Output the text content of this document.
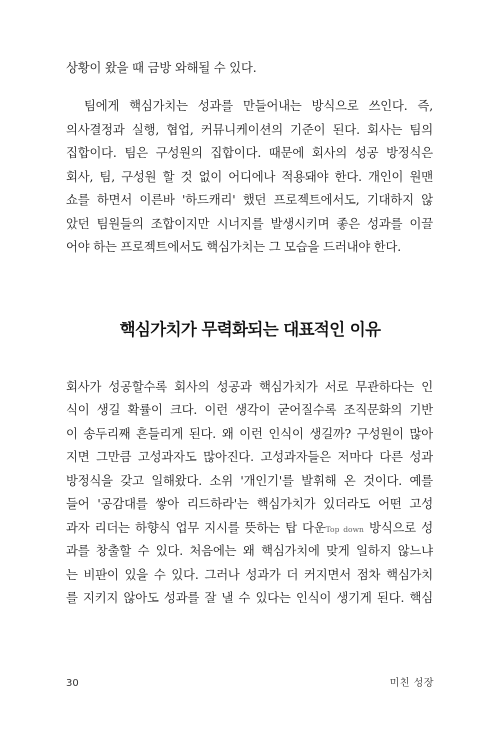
상황이 왔을 때 금방 와해될 수 있다.
팀에게 핵심가치는 성과를 만들어내는 방식으로 쓰인다. 즉,
의사결정과 실행, 협업, 커뮤니케이션의 기준이 된다. 회사는 팀의
집합이다. 팀은 구성원의 집합이다. 때문에 회사의 성공 방정식은
회사, 팀, 구성원 할 것 없이 어디에나 적용돼야 한다. 개인이 원맨
쇼를 하면서 이른바 '하드캐리' 했던 프로젝트에서도, 기대하지 않
았던 팀원들의 조합이지만 시너지를 발생시키며 좋은 성과를 이끌
어야 하는 프로젝트에서도 핵심가치는 그 모습을 드러내야 한다.
핵심가치가 무력화되는 대표적인 이유
회사가 성공할수록 회사의 성공과 핵심가치가 서로 무관하다는 인
식이 생길 확률이 크다. 이런 생각이 굳어질수록 조직문화의 기반
이 송두리째 흔들리게 된다. 왜 이런 인식이 생길까? 구성원이 많아
지면 그만큼 고성과자도 많아진다. 고성과자들은 저마다 다른 성과
방정식을 갖고 일해왔다. 소위 '개인기'를 발휘해 온 것이다. 예를
들어 '공감대를 쌓아 리드하라'는 핵심가치가 있더라도 어떤 고성
과자 리더는 하향식 업무 지시를 뜻하는 탑 다운Top down 방식으로 성
과를 창출할 수 있다. 처음에는 왜 핵심가치에 맞게 일하지 않느냐
는 비판이 있을 수 있다. 그러나 성과가 더 커지면서 점차 핵심가치
를 지키지 않아도 성과를 잘 낼 수 있다는 인식이 생기게 된다. 핵심
30	미친 성장
